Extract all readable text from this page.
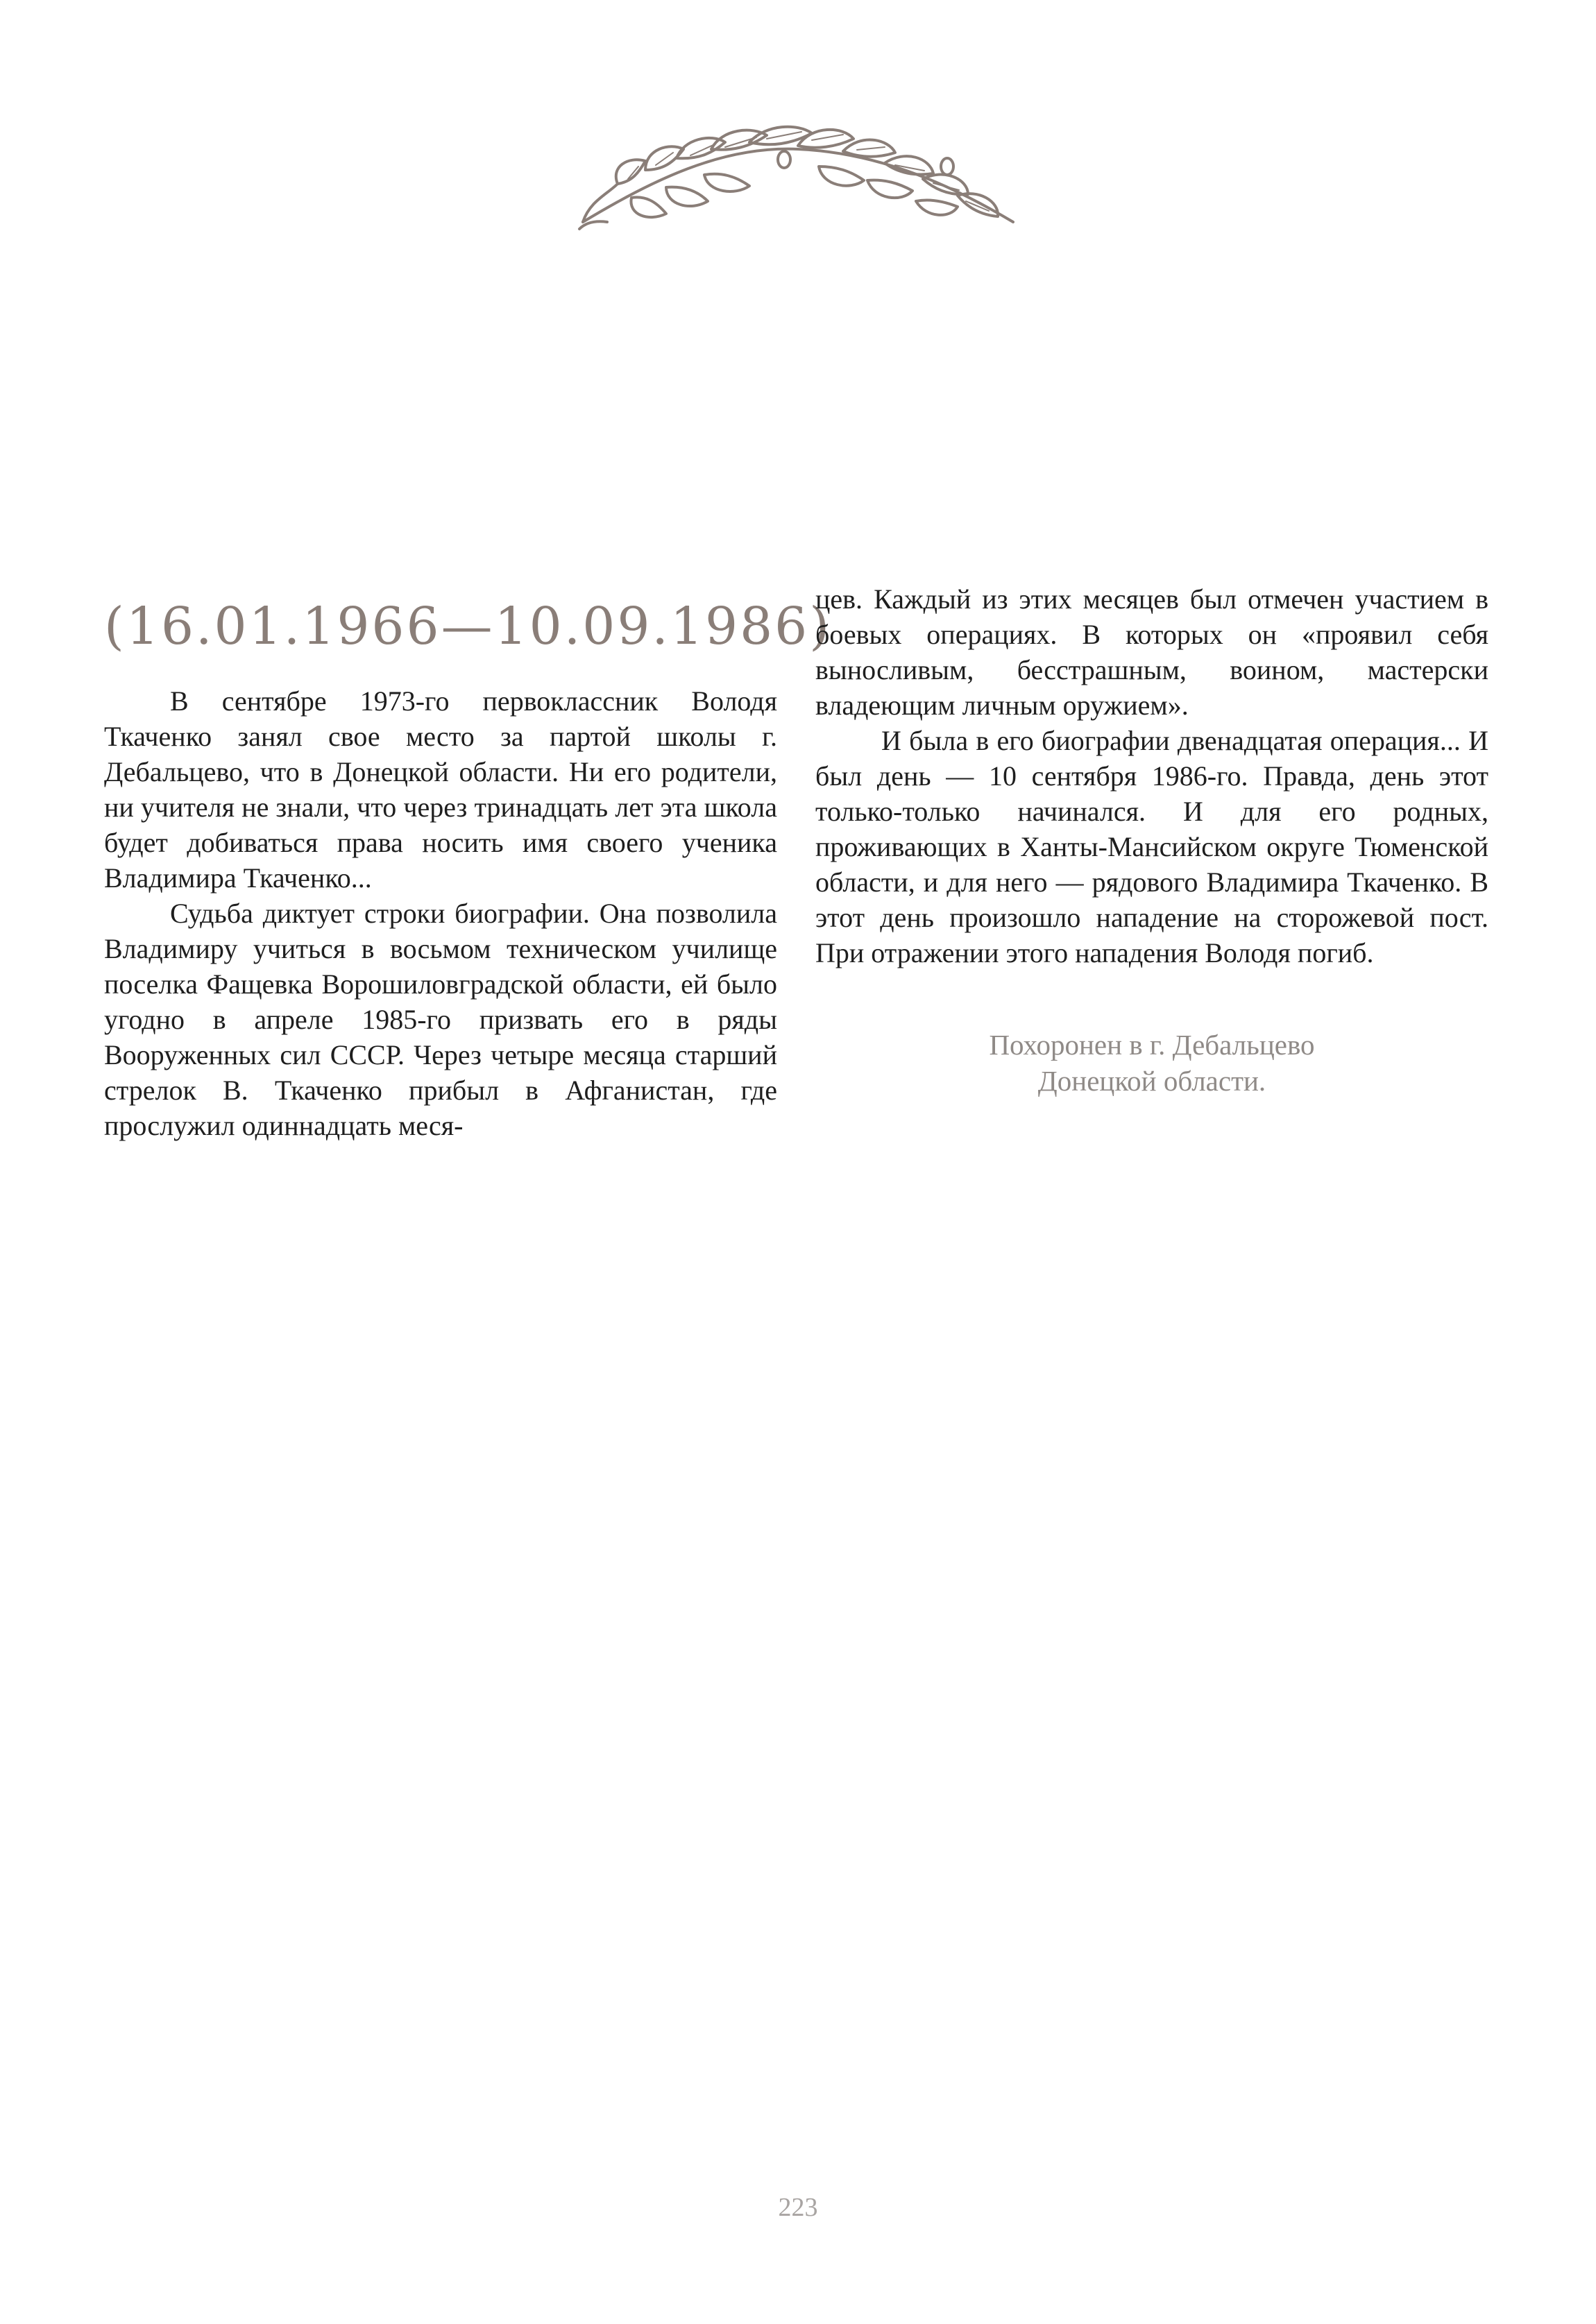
(16.01.1966—10.09.1986)

В сентябре 1973-го первоклассник Володя Ткаченко занял свое место за партой школы г. Дебальцево, что в Донецкой области. Ни его родители, ни учителя не знали, что через тринадцать лет эта школа будет добиваться права носить имя своего ученика Владимира Ткаченко...

Судьба диктует строки биографии. Она позволила Владимиру учиться в восьмом техническом училище поселка Фащевка Ворошиловградской области, ей было угодно в апреле 1985-го призвать его в ряды Вооруженных сил СССР. Через четыре месяца старший стрелок В. Ткаченко прибыл в Афганистан, где прослужил одиннадцать меся-

цев. Каждый из этих месяцев был отмечен участием в боевых операциях. В которых он «проявил себя выносливым, бесстрашным, воином, мастерски владеющим личным оружием».

И была в его биографии двенадцатая операция... И был день — 10 сентября 1986-го. Правда, день этот только-только начинался. И для его родных, проживающих в Ханты-Мансийском округе Тюменской области, и для него — рядового Владимира Ткаченко. В этот день произошло нападение на сторожевой пост. При отражении этого нападения Володя погиб.

Похоронен в г. Дебальцево
Донецкой области.
223
